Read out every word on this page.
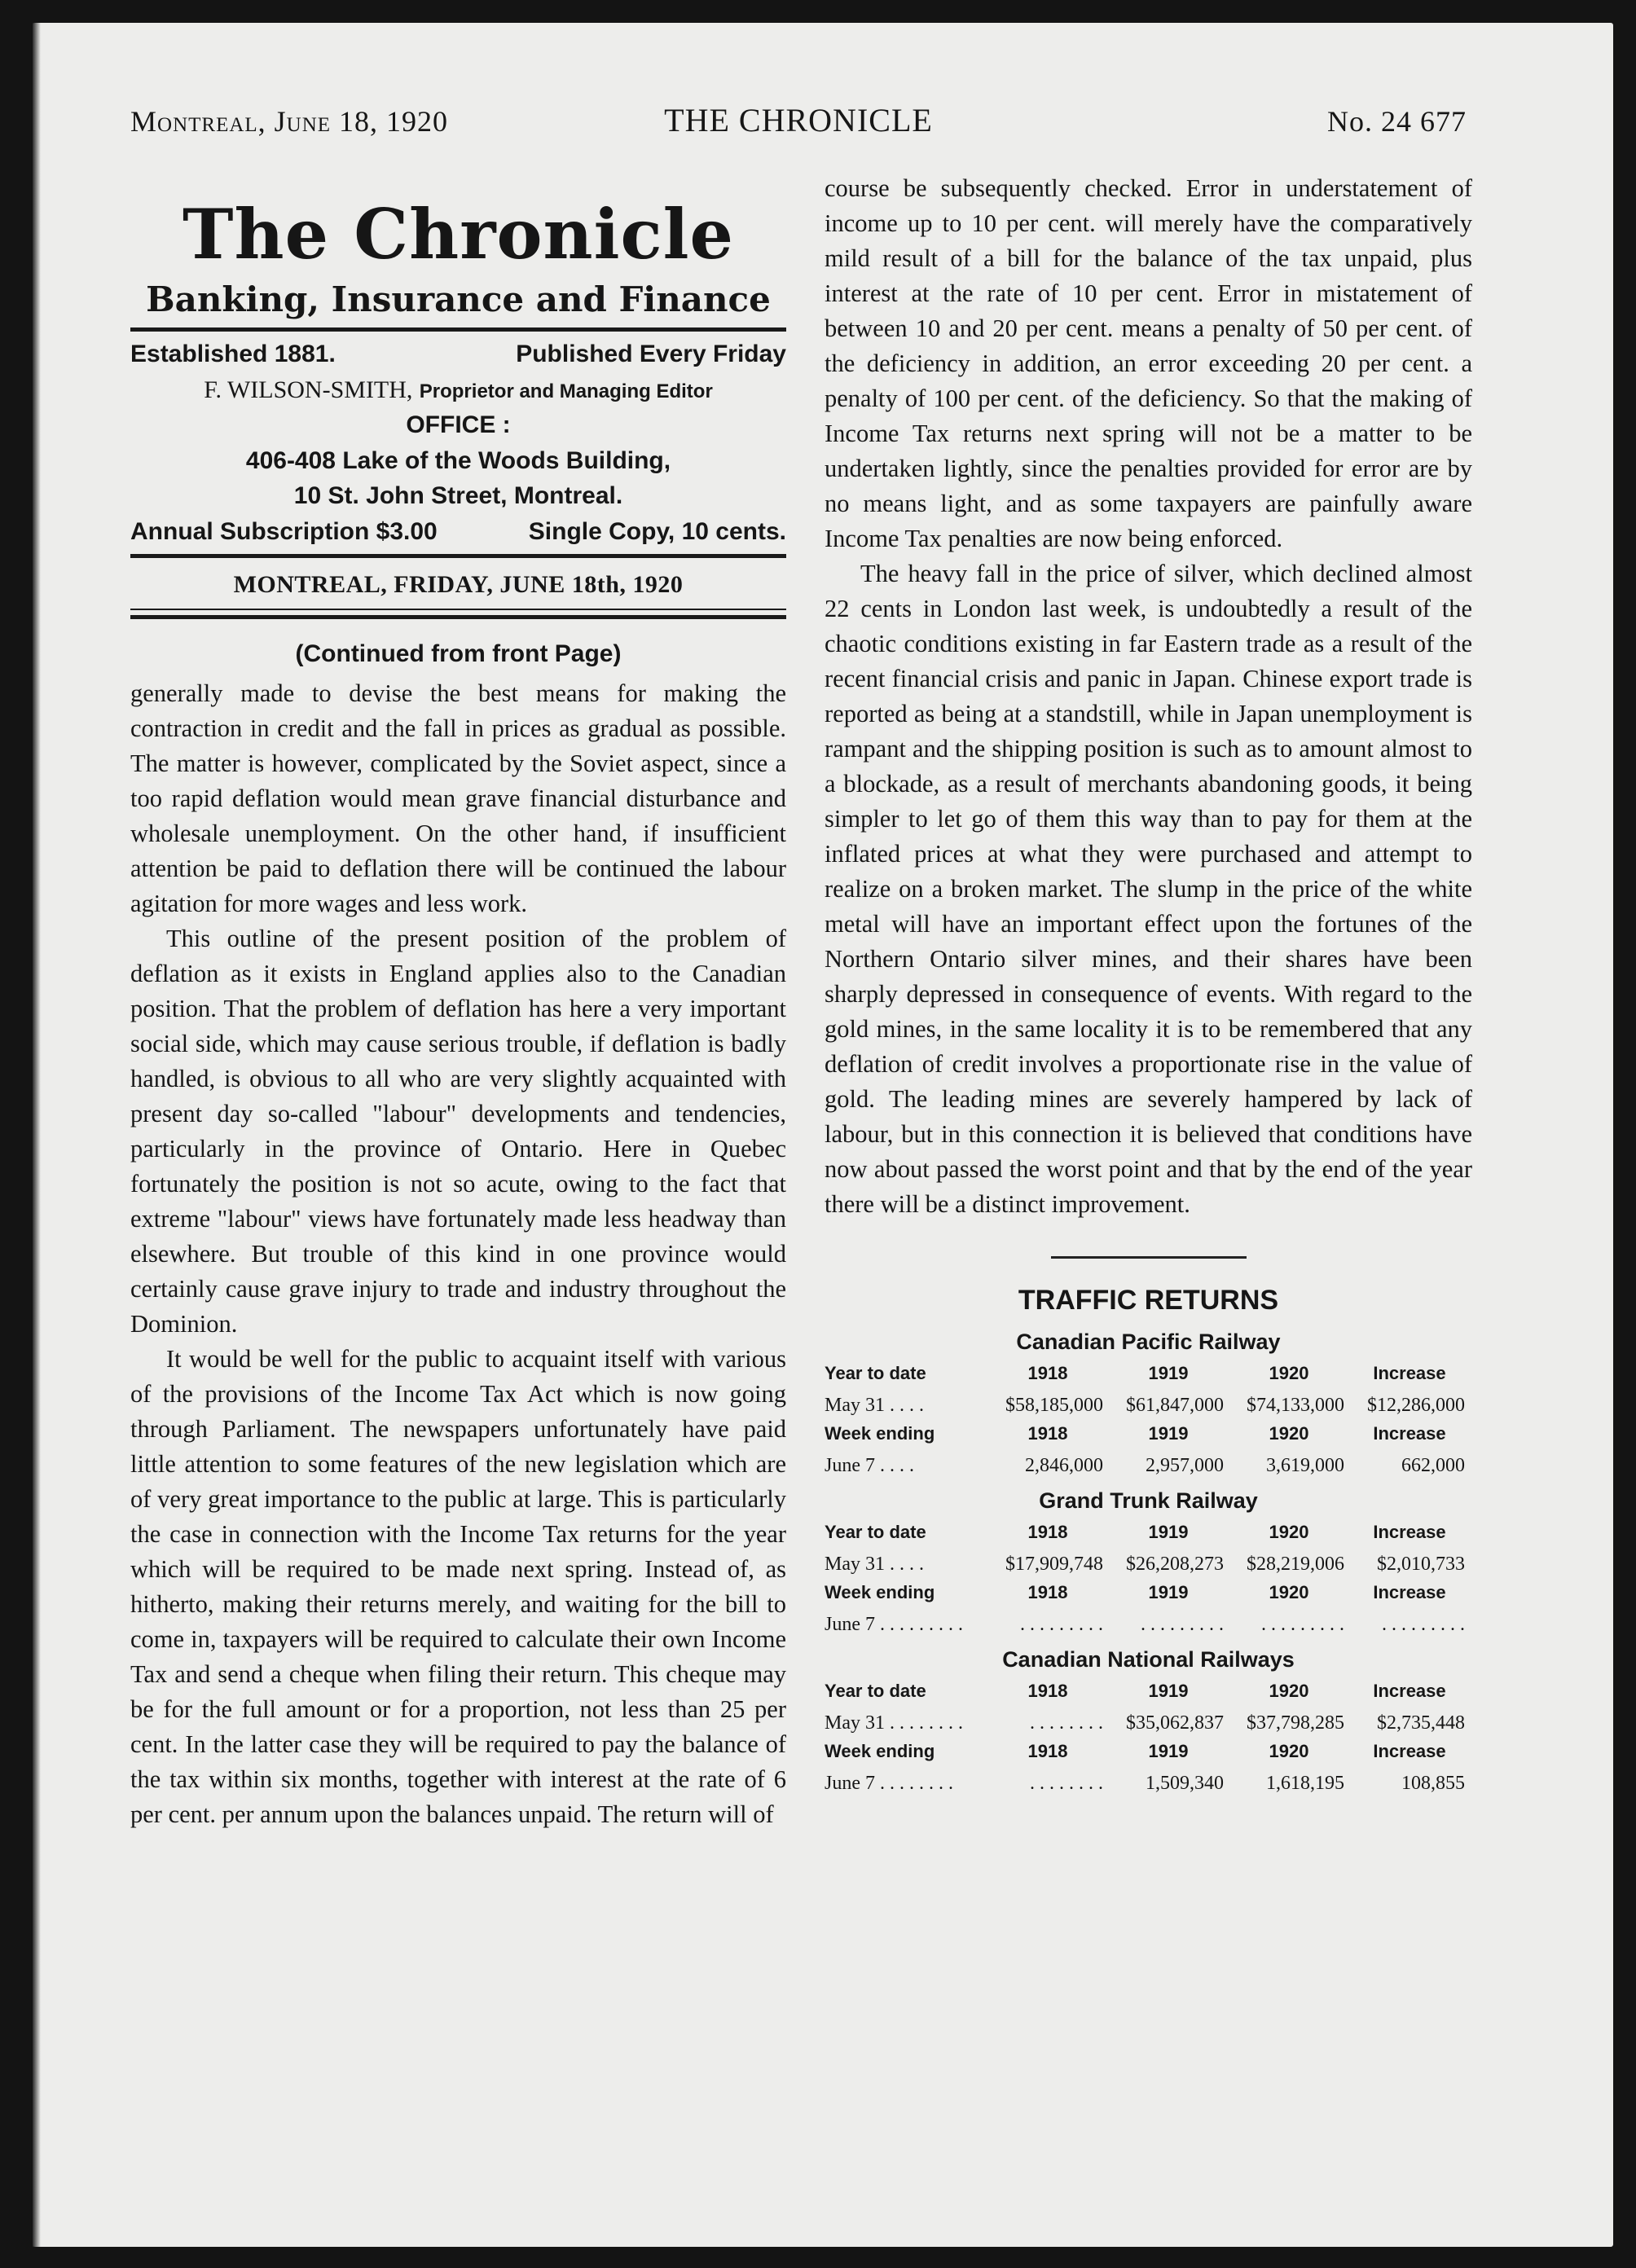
Montreal, June 18, 1920	THE CHRONICLE	No. 24 677
The Chronicle
Banking, Insurance and Finance
Established 1881.	Published Every Friday
F. WILSON-SMITH, Proprietor and Managing Editor
OFFICE :
406-408 Lake of the Woods Building,
10 St. John Street, Montreal.
Annual Subscription $3.00	Single Copy, 10 cents.
MONTREAL, FRIDAY, JUNE 18th, 1920
(Continued from front Page)

generally made to devise the best means for making the contraction in credit and the fall in prices as gradual as possible. The matter is however, complicated by the Soviet aspect, since a too rapid deflation would mean grave financial disturbance and wholesale unemployment. On the other hand, if insufficient attention be paid to deflation there will be continued the labour agitation for more wages and less work.

This outline of the present position of the problem of deflation as it exists in England applies also to the Canadian position. That the problem of deflation has here a very important social side, which may cause serious trouble, if deflation is badly handled, is obvious to all who are very slightly acquainted with present day so-called "labour" developments and tendencies, particularly in the province of Ontario. Here in Quebec fortunately the position is not so acute, owing to the fact that extreme "labour" views have fortunately made less headway than elsewhere. But trouble of this kind in one province would certainly cause grave injury to trade and industry throughout the Dominion.

It would be well for the public to acquaint itself with various of the provisions of the Income Tax Act which is now going through Parliament. The newspapers unfortunately have paid little attention to some features of the new legislation which are of very great importance to the public at large. This is particularly the case in connection with the Income Tax returns for the year which will be required to be made next spring. Instead of, as hitherto, making their returns merely, and waiting for the bill to come in, taxpayers will be required to calculate their own Income Tax and send a cheque when filing their return. This cheque may be for the full amount or for a proportion, not less than 25 per cent. In the latter case they will be required to pay the balance of the tax within six months, together with interest at the rate of 6 per cent. per annum upon the balances unpaid. The return will of

course be subsequently checked. Error in understatement of income up to 10 per cent. will merely have the comparatively mild result of a bill for the balance of the tax unpaid, plus interest at the rate of 10 per cent. Error in mistatement of between 10 and 20 per cent. means a penalty of 50 per cent. of the deficiency in addition, an error exceeding 20 per cent. a penalty of 100 per cent. of the deficiency. So that the making of Income Tax returns next spring will not be a matter to be undertaken lightly, since the penalties provided for error are by no means light, and as some taxpayers are painfully aware Income Tax penalties are now being enforced.

The heavy fall in the price of silver, which declined almost 22 cents in London last week, is undoubtedly a result of the chaotic conditions existing in far Eastern trade as a result of the recent financial crisis and panic in Japan. Chinese export trade is reported as being at a standstill, while in Japan unemployment is rampant and the shipping position is such as to amount almost to a blockade, as a result of merchants abandoning goods, it being simpler to let go of them this way than to pay for them at the inflated prices at what they were purchased and attempt to realize on a broken market. The slump in the price of the white metal will have an important effect upon the fortunes of the Northern Ontario silver mines, and their shares have been sharply depressed in consequence of events. With regard to the gold mines, in the same locality it is to be remembered that any deflation of credit involves a proportionate rise in the value of gold. The leading mines are severely hampered by lack of labour, but in this connection it is believed that conditions have now about passed the worst point and that by the end of the year there will be a distinct improvement.

TRAFFIC RETURNS
Canadian Pacific Railway
Year to date	1918	1919	1920	Increase
May 31 . . . .	$58,185,000	$61,847,000	$74,133,000	$12,286,000
Week ending	1918	1919	1920	Increase
June 7 . . . .	2,846,000	2,957,000	3,619,000	662,000
Grand Trunk Railway
Year to date	1918	1919	1920	Increase
May 31 . . . .	$17,909,748	$26,208,273	$28,219,006	$2,010,733
Week ending	1918	1919	1920	Increase
June 7 . . . . . . . . .	. . . . . . . . .	. . . . . . . . .	. . . . . . . . .	. . . . . . . . .
Canadian National Railways
Year to date	1918	1919	1920	Increase
May 31 . . . . . . . .	. . . . . . . .	$35,062,837	$37,798,285	$2,735,448
Week ending	1918	1919	1920	Increase
June 7 . . . . . . . .	. . . . . . . .	1,509,340	1,618,195	108,855
